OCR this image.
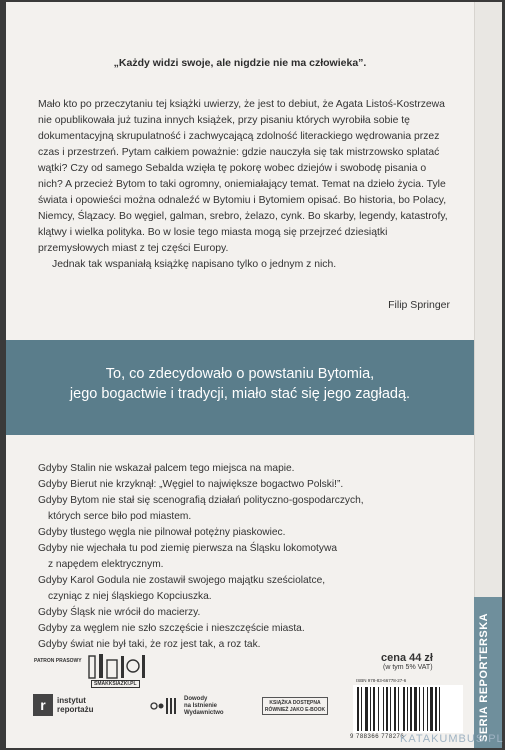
„Każdy widzi swoje, ale nigdzie nie ma człowieka”.

Mało kto po przeczytaniu tej książki uwierzy, że jest to debiut, że Agata Listoś-Kostrzewa nie opublikowała już tuzina innych książek, przy pisaniu których wyrobiła sobie tę dokumentacyjną skrupulatność i zachwycającą zdolność literackiego wędrowania przez czas i przestrzeń. Pytam całkiem poważnie: gdzie nauczyła się tak mistrzowsko splatać wątki? Czy od samego Sebalda wzięła tę pokorę wobec dziejów i swobodę pisania o nich? A przecież Bytom to taki ogromny, oniemiałający temat. Temat na dzieło życia. Tyle świata i opowieści można odnaleźć w Bytomiu i Bytomiem opisać. Bo historia, bo Polacy, Niemcy, Ślązacy. Bo węgiel, galman, srebro, żelazo, cynk. Bo skarby, legendy, katastrofy, klątwy i wielka polityka. Bo w losie tego miasta mogą się przejrzeć dziesiątki przemysłowych miast z tej części Europy.

Jednak tak wspaniałą książkę napisano tylko o jednym z nich.

Filip Springer
To, co zdecydowało o powstaniu Bytomia,
jego bogactwie i tradycji, miało stać się jego zagładą.
Gdyby Stalin nie wskazał palcem tego miejsca na mapie.
Gdyby Bierut nie krzyknął: „Węgiel to największe bogactwo Polski!”.
Gdyby Bytom nie stał się scenografią działań polityczno-gospodarczych,
których serce biło pod miastem.
Gdyby tłustego węgla nie pilnował potężny piaskowiec.
Gdyby nie wjechała tu pod ziemię pierwsza na Śląsku lokomotywa
z napędem elektrycznym.
Gdyby Karol Godula nie zostawił swojego majątku sześciolatce,
czyniąc z niej śląskiego Kopciuszka.
Gdyby Śląsk nie wrócił do macierzy.
Gdyby za węglem nie szło szczęście i nieszczęście miasta.
Gdyby świat nie był taki, że roz jest tak, a roz tak.	SERIA REPORTERSKA
PATRON PRASOWY
SMAKKSIAZKI.PL
r	instytut
reportażu
Dowody
na Istnienie
Wydawnictwo
KSIĄŻKA DOSTĘPNA
RÓWNIEŻ JAKO E-BOOK
cena 44 zł
(w tym 5% VAT)
ISBN 978-83-66778-27-6
9 788366 778276
KATAKUMBUS.PL
